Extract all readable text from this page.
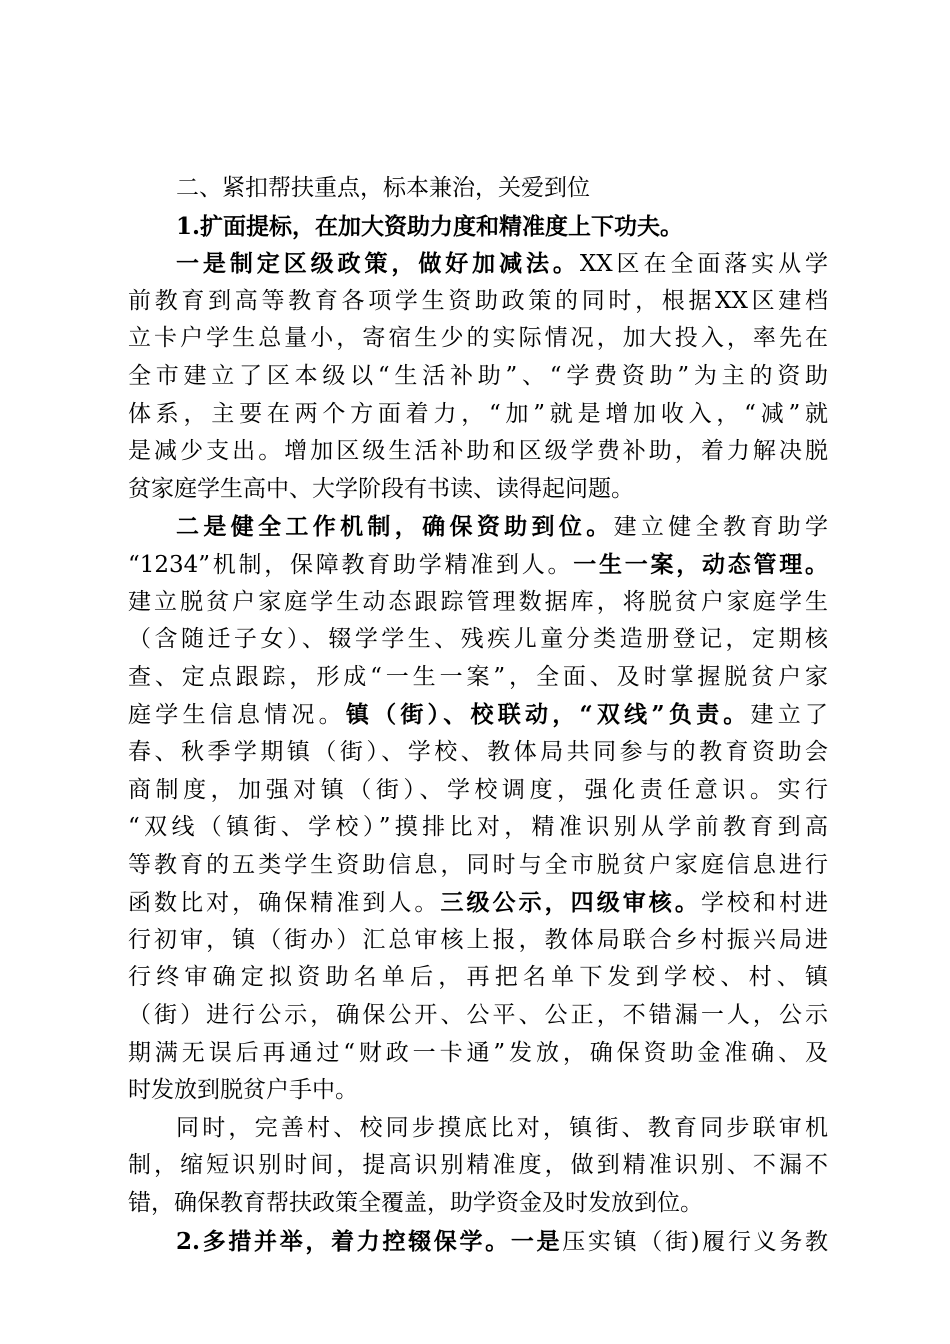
二、紧扣帮扶重点，标本兼治，关爱到位
1.扩面提标，在加大资助力度和精准度上下功夫。
一是制定区级政策，做好加减法。XX区在全面落实从学
前教育到高等教育各项学生资助政策的同时，根据XX区建档
立卡户学生总量小，寄宿生少的实际情况，加大投入，率先在
全市建立了区本级以“生活补助”、“学费资助”为主的资助
体系，主要在两个方面着力，“加”就是增加收入，“减”就
是减少支出。增加区级生活补助和区级学费补助，着力解决脱
贫家庭学生高中、大学阶段有书读、读得起问题。
二是健全工作机制，确保资助到位。建立健全教育助学
“1234”机制，保障教育助学精准到人。一生一案，动态管理。
建立脱贫户家庭学生动态跟踪管理数据库，将脱贫户家庭学生
（含随迁子女）、辍学学生、残疾儿童分类造册登记，定期核
查、定点跟踪，形成“一生一案”，全面、及时掌握脱贫户家
庭学生信息情况。镇（街）、校联动，“双线”负责。建立了
春、秋季学期镇（街）、学校、教体局共同参与的教育资助会
商制度，加强对镇（街）、学校调度，强化责任意识。实行
“双线（镇街、学校）”摸排比对，精准识别从学前教育到高
等教育的五类学生资助信息，同时与全市脱贫户家庭信息进行
函数比对，确保精准到人。三级公示，四级审核。学校和村进
行初审，镇（街办）汇总审核上报，教体局联合乡村振兴局进
行终审确定拟资助名单后，再把名单下发到学校、村、镇
（街）进行公示，确保公开、公平、公正，不错漏一人，公示
期满无误后再通过“财政一卡通”发放，确保资助金准确、及
时发放到脱贫户手中。
同时，完善村、校同步摸底比对，镇街、教育同步联审机
制，缩短识别时间，提高识别精准度，做到精准识别、不漏不
错，确保教育帮扶政策全覆盖，助学资金及时发放到位。
2.多措并举，着力控辍保学。一是压实镇（街)履行义务教
